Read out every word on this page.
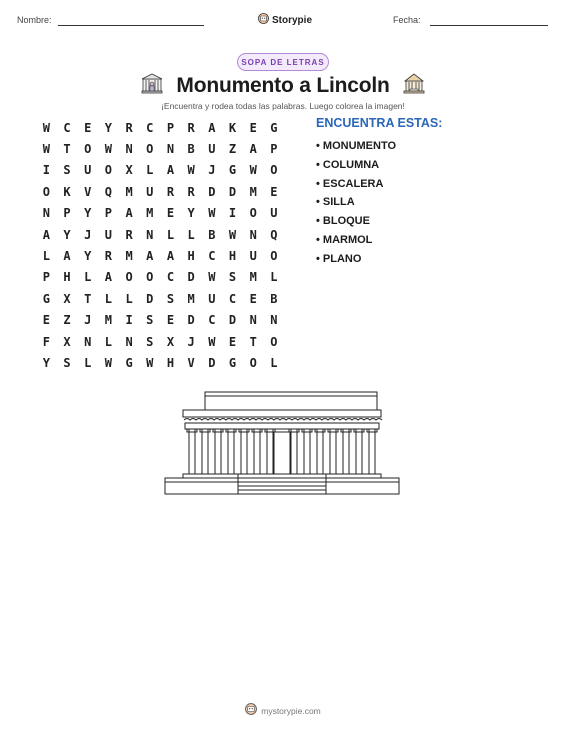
Nombre:	Storypie	Fecha:
SOPA DE LETRAS
Monumento a Lincoln

¡Encuentra y rodea todas las palabras. Luego colorea la imagen!

W	C	E	Y	R	C	P	R	A	K	E	G
W	T	O	W	N	O	N	B	U	Z	A	P
I	S	U	O	X	L	A	W	J	G	W	O
O	K	V	Q	M	U	R	R	D	D	M	E
N	P	Y	P	A	M	E	Y	W	I	O	U
A	Y	J	U	R	N	L	L	B	W	N	Q
L	A	Y	R	M	A	A	H	C	H	U	O
P	H	L	A	O	O	C	D	W	S	M	L
G	X	T	L	L	D	S	M	U	C	E	B
E	Z	J	M	I	S	E	D	C	D	N	N
F	X	N	L	N	S	X	J	W	E	T	O
Y	S	L	W	G	W	H	V	D	G	O	L
ENCUENTRA ESTAS:
• MONUMENTO
• COLUMNA
• ESCALERA
• SILLA
• BLOQUE
• MARMOL
• PLANO
mystorypie.com
